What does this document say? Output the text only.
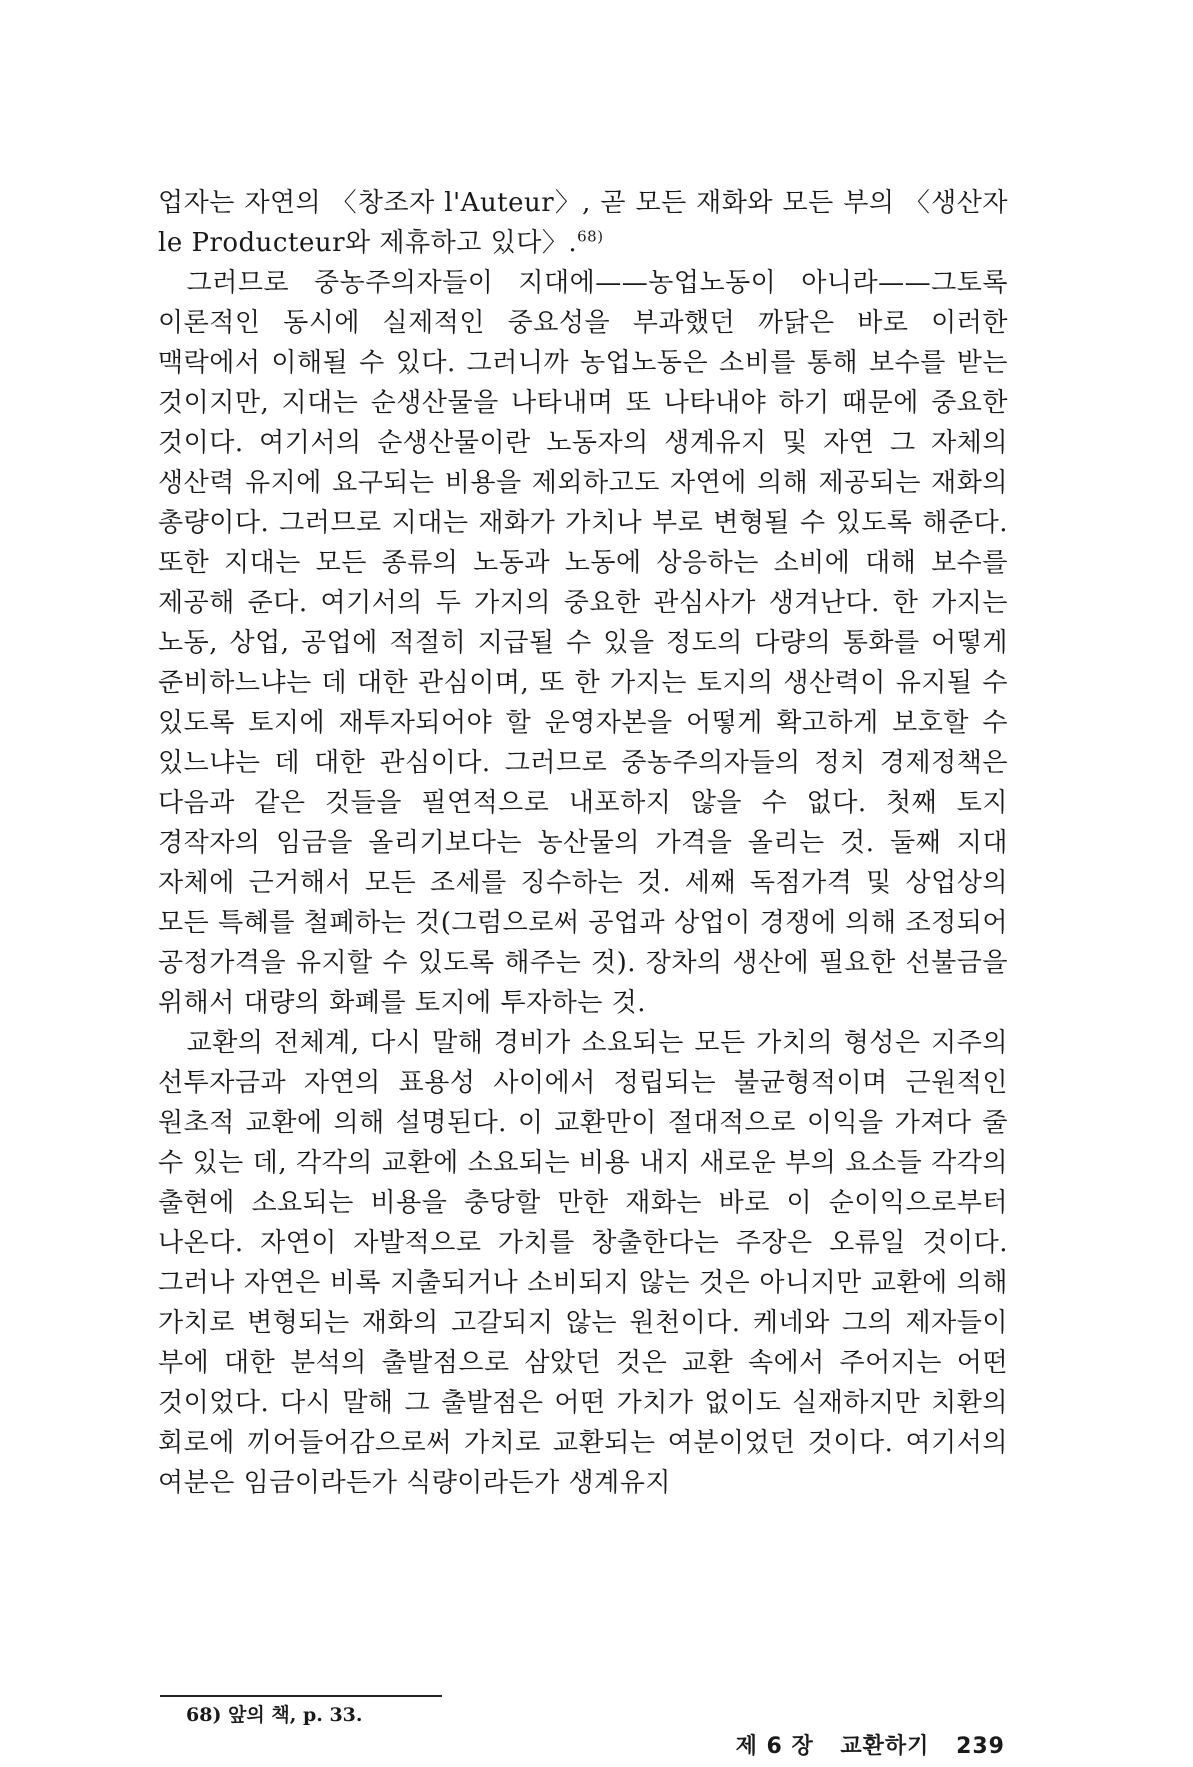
업자는 자연의 〈창조자 l'Auteur〉, 곧 모든 재화와 모든 부의 〈생산자 le Producteur와 제휴하고 있다〉.$^{68)}$

그러므로 중농주의자들이 지대에——농업노동이 아니라——그토록 이론적인 동시에 실제적인 중요성을 부과했던 까닭은 바로 이러한 맥락에서 이해될 수 있다. 그러니까 농업노동은 소비를 통해 보수를 받는 것이지만, 지대는 순생산물을 나타내며 또 나타내야 하기 때문에 중요한 것이다. 여기서의 순생산물이란 노동자의 생계유지 및 자연 그 자체의 생산력 유지에 요구되는 비용을 제외하고도 자연에 의해 제공되는 재화의 총량이다. 그러므로 지대는 재화가 가치나 부로 변형될 수 있도록 해준다. 또한 지대는 모든 종류의 노동과 노동에 상응하는 소비에 대해 보수를 제공해 준다. 여기서의 두 가지의 중요한 관심사가 생겨난다. 한 가지는 노동, 상업, 공업에 적절히 지급될 수 있을 정도의 다량의 통화를 어떻게 준비하느냐는 데 대한 관심이며, 또 한 가지는 토지의 생산력이 유지될 수 있도록 토지에 재투자되어야 할 운영자본을 어떻게 확고하게 보호할 수 있느냐는 데 대한 관심이다. 그러므로 중농주의자들의 정치 경제정책은 다음과 같은 것들을 필연적으로 내포하지 않을 수 없다. 첫째 토지 경작자의 임금을 올리기보다는 농산물의 가격을 올리는 것. 둘째 지대 자체에 근거해서 모든 조세를 징수하는 것. 세째 독점가격 및 상업상의 모든 특혜를 철폐하는 것(그럼으로써 공업과 상업이 경쟁에 의해 조정되어 공정가격을 유지할 수 있도록 해주는 것). 장차의 생산에 필요한 선불금을 위해서 대량의 화폐를 토지에 투자하는 것.

교환의 전체계, 다시 말해 경비가 소요되는 모든 가치의 형성은 지주의 선투자금과 자연의 표용성 사이에서 정립되는 불균형적이며 근원적인 원초적 교환에 의해 설명된다. 이 교환만이 절대적으로 이익을 가져다 줄 수 있는 데, 각각의 교환에 소요되는 비용 내지 새로운 부의 요소들 각각의 출현에 소요되는 비용을 충당할 만한 재화는 바로 이 순이익으로부터 나온다. 자연이 자발적으로 가치를 창출한다는 주장은 오류일 것이다. 그러나 자연은 비록 지출되거나 소비되지 않는 것은 아니지만 교환에 의해 가치로 변형되는 재화의 고갈되지 않는 원천이다. 케네와 그의 제자들이 부에 대한 분석의 출발점으로 삼았던 것은 교환 속에서 주어지는 어떤 것이었다. 다시 말해 그 출발점은 어떤 가치가 없이도 실재하지만 치환의 회로에 끼어들어감으로써 가치로 교환되는 여분이었던 것이다. 여기서의 여분은 임금이라든가 식량이라든가 생계유지

68) 앞의 책, p. 33.
제 6 장 교환하기 239
